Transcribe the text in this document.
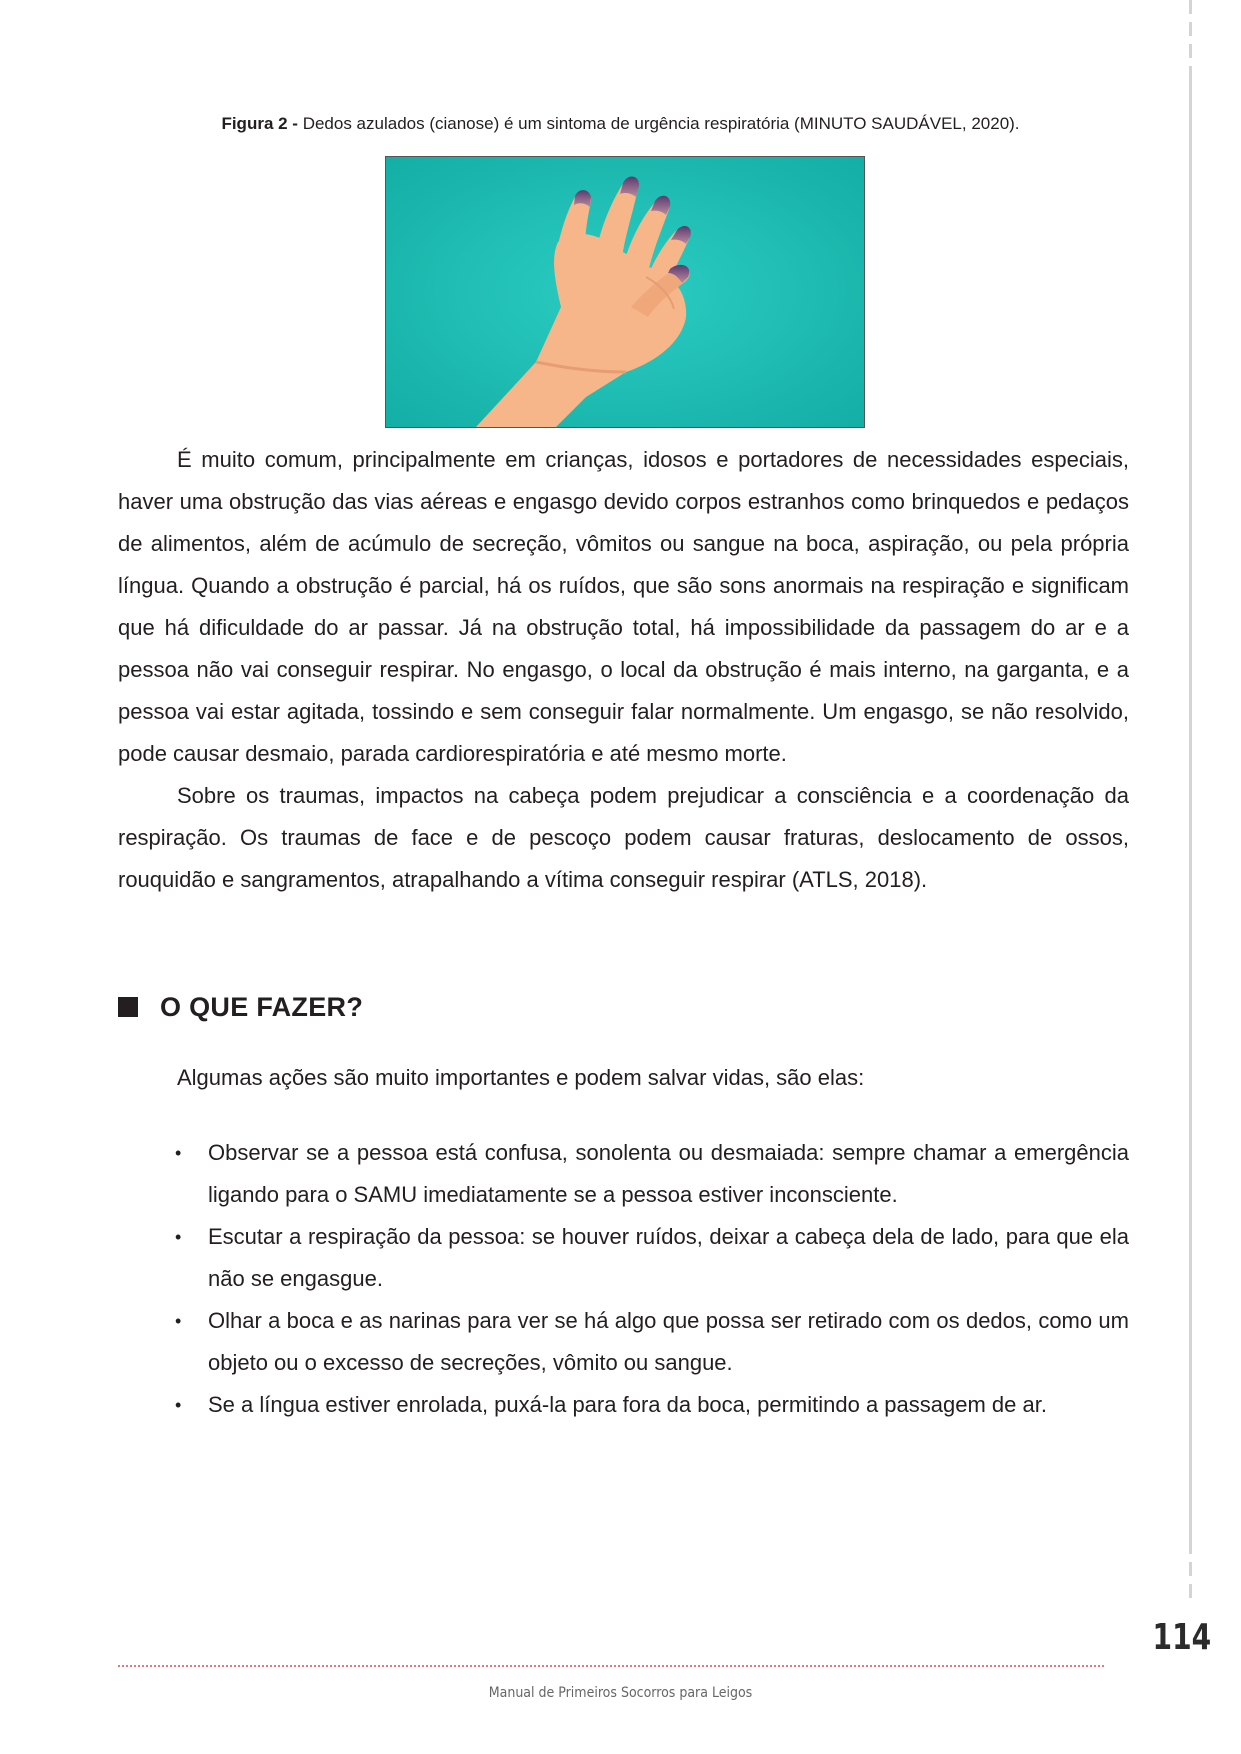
Figura 2 - Dedos azulados (cianose) é um sintoma de urgência respiratória (MINUTO SAUDÁVEL, 2020).

É muito comum, principalmente em crianças, idosos e portadores de necessidades especiais, haver uma obstrução das vias aéreas e engasgo devido corpos estranhos como brinquedos e pedaços de alimentos, além de acúmulo de secreção, vômitos ou sangue na boca, aspiração, ou pela própria língua. Quando a obstrução é parcial, há os ruídos, que são sons anormais na respiração e significam que há dificuldade do ar passar. Já na obstrução total, há impossibilidade da passagem do ar e a pessoa não vai conseguir respirar. No engasgo, o local da obstrução é mais interno, na garganta, e a pessoa vai estar agitada, tossindo e sem conseguir falar normalmente. Um engasgo, se não resolvido, pode causar desmaio, parada cardiorespiratória e até mesmo morte.

Sobre os traumas, impactos na cabeça podem prejudicar a consciência e a coordenação da respiração. Os traumas de face e de pescoço podem causar fraturas, deslocamento de ossos, rouquidão e sangramentos, atrapalhando a vítima conseguir respirar (ATLS, 2018).

O QUE FAZER?
Algumas ações são muito importantes e podem salvar vidas, são elas:
• Observar se a pessoa está confusa, sonolenta ou desmaiada: sempre chamar a emergência ligando para o SAMU imediatamente se a pessoa estiver inconsciente.
• Escutar a respiração da pessoa: se houver ruídos, deixar a cabeça dela de lado, para que ela não se engasgue.
• Olhar a boca e as narinas para ver se há algo que possa ser retirado com os dedos, como um objeto ou o excesso de secreções, vômito ou sangue.
• Se a língua estiver enrolada, puxá-la para fora da boca, permitindo a passagem de ar.
114
Manual de Primeiros Socorros para Leigos
